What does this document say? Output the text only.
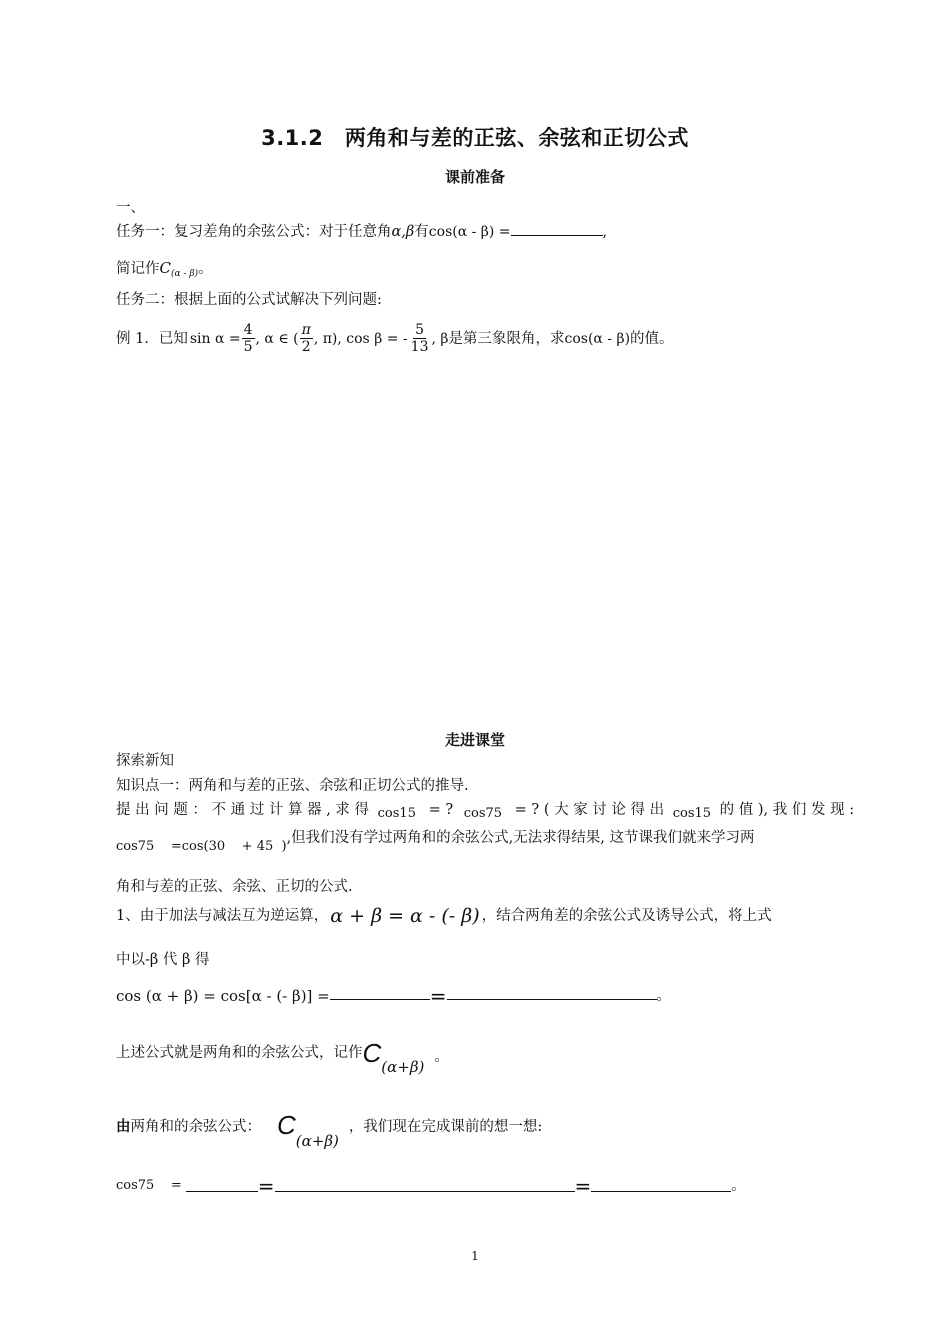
3.1.2　两角和与差的正弦、余弦和正切公式
课前准备
一、
任务一：复习差角的余弦公式：对于任意角α,β有cos(α - β) =	,
简记作$C_{(\alpha - \beta)}$。
任务二：根据上面的公式试解决下列问题:
例 1．已知 $\sin \alpha = \frac{4}{5}$ , α ∈ ( $\frac{\pi}{2}$ , π), cos β = - $\frac{5}{13}$ , β 是第三象限角，求 cos(α - β) 的值。
走进课堂
探索新知
知识点一：两角和与差的正弦、余弦和正切公式的推导.
提 出 问 题 ： 不 通 过 计 算 器 , 求 得 cos15 = ? cos75 = ? ( 大 家 讨 论 得 出 cos15 的 值 ), 我 们 发 现 :
cos75    =cos(30    + 45  ),但我们没有学过两角和的余弦公式,无法求得结果, 这节课我们就来学习两
角和与差的正弦、余弦、正切的公式.
1、由于加法与减法互为逆运算， α + β = α - (- β) ，结合两角差的余弦公式及诱导公式，将上式
中以-β 代 β 得
cos (α + β) = cos[α - (- β)] =	=	。
上述公式就是两角和的余弦公式，记作 C (α+β)
。
由 两角和的余弦公式： C
(α+β)
，我们现在完成课前的想一想:
cos75    =	=	=	。
1
